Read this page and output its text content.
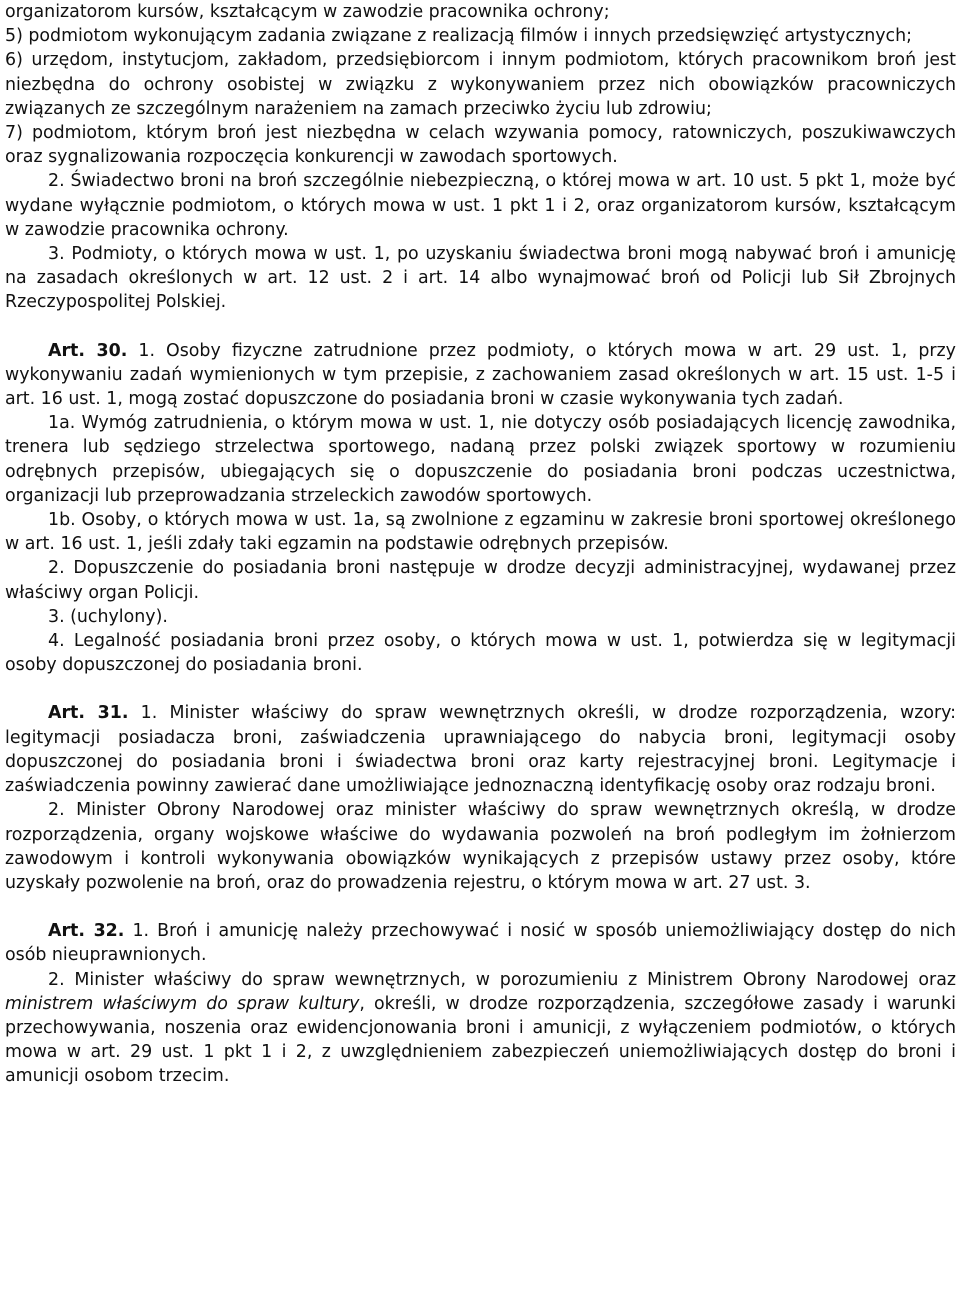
organizatorom kursów, kształcącym w zawodzie pracownika ochrony;

5) podmiotom wykonującym zadania związane z realizacją filmów i innych przedsięwzięć artystycznych;

6) urzędom, instytucjom, zakładom, przedsiębiorcom i innym podmiotom, których pracownikom broń jest niezbędna do ochrony osobistej w związku z wykonywaniem przez nich obowiązków pracowniczych związanych ze szczególnym narażeniem na zamach przeciwko życiu lub zdrowiu;

7) podmiotom, którym broń jest niezbędna w celach wzywania pomocy, ratowniczych, poszukiwawczych oraz sygnalizowania rozpoczęcia konkurencji w zawodach sportowych.

2. Świadectwo broni na broń szczególnie niebezpieczną, o której mowa w art. 10 ust. 5 pkt 1, może być wydane wyłącznie podmiotom, o których mowa w ust. 1 pkt 1 i 2, oraz organizatorom kursów, kształcącym w zawodzie pracownika ochrony.

3. Podmioty, o których mowa w ust. 1, po uzyskaniu świadectwa broni mogą nabywać broń i amunicję na zasadach określonych w art. 12 ust. 2 i art. 14 albo wynajmować broń od Policji lub Sił Zbrojnych Rzeczypospolitej Polskiej.

Art. 30. 1. Osoby fizyczne zatrudnione przez podmioty, o których mowa w art. 29 ust. 1, przy wykonywaniu zadań wymienionych w tym przepisie, z zachowaniem zasad określonych w art. 15 ust. 1-5 i art. 16 ust. 1, mogą zostać dopuszczone do posiadania broni w czasie wykonywania tych zadań.

1a. Wymóg zatrudnienia, o którym mowa w ust. 1, nie dotyczy osób posiadających licencję zawodnika, trenera lub sędziego strzelectwa sportowego, nadaną przez polski związek sportowy w rozumieniu odrębnych przepisów, ubiegających się o dopuszczenie do posiadania broni podczas uczestnictwa, organizacji lub przeprowadzania strzeleckich zawodów sportowych.

1b. Osoby, o których mowa w ust. 1a, są zwolnione z egzaminu w zakresie broni sportowej określonego w art. 16 ust. 1, jeśli zdały taki egzamin na podstawie odrębnych przepisów.

2. Dopuszczenie do posiadania broni następuje w drodze decyzji administracyjnej, wydawanej przez właściwy organ Policji.

3. (uchylony).

4. Legalność posiadania broni przez osoby, o których mowa w ust. 1, potwierdza się w legitymacji osoby dopuszczonej do posiadania broni.

Art. 31. 1. Minister właściwy do spraw wewnętrznych określi, w drodze rozporządzenia, wzory: legitymacji posiadacza broni, zaświadczenia uprawniającego do nabycia broni, legitymacji osoby dopuszczonej do posiadania broni i świadectwa broni oraz karty rejestracyjnej broni. Legitymacje i zaświadczenia powinny zawierać dane umożliwiające jednoznaczną identyfikację osoby oraz rodzaju broni.

2. Minister Obrony Narodowej oraz minister właściwy do spraw wewnętrznych określą, w drodze rozporządzenia, organy wojskowe właściwe do wydawania pozwoleń na broń podległym im żołnierzom zawodowym i kontroli wykonywania obowiązków wynikających z przepisów ustawy przez osoby, które uzyskały pozwolenie na broń, oraz do prowadzenia rejestru, o którym mowa w art. 27 ust. 3.

Art. 32. 1. Broń i amunicję należy przechowywać i nosić w sposób uniemożliwiający dostęp do nich osób nieuprawnionych.

2. Minister właściwy do spraw wewnętrznych, w porozumieniu z Ministrem Obrony Narodowej oraz ministrem właściwym do spraw kultury, określi, w drodze rozporządzenia, szczegółowe zasady i warunki przechowywania, noszenia oraz ewidencjonowania broni i amunicji, z wyłączeniem podmiotów, o których mowa w art. 29 ust. 1 pkt 1 i 2, z uwzględnieniem zabezpieczeń uniemożliwiających dostęp do broni i amunicji osobom trzecim.
